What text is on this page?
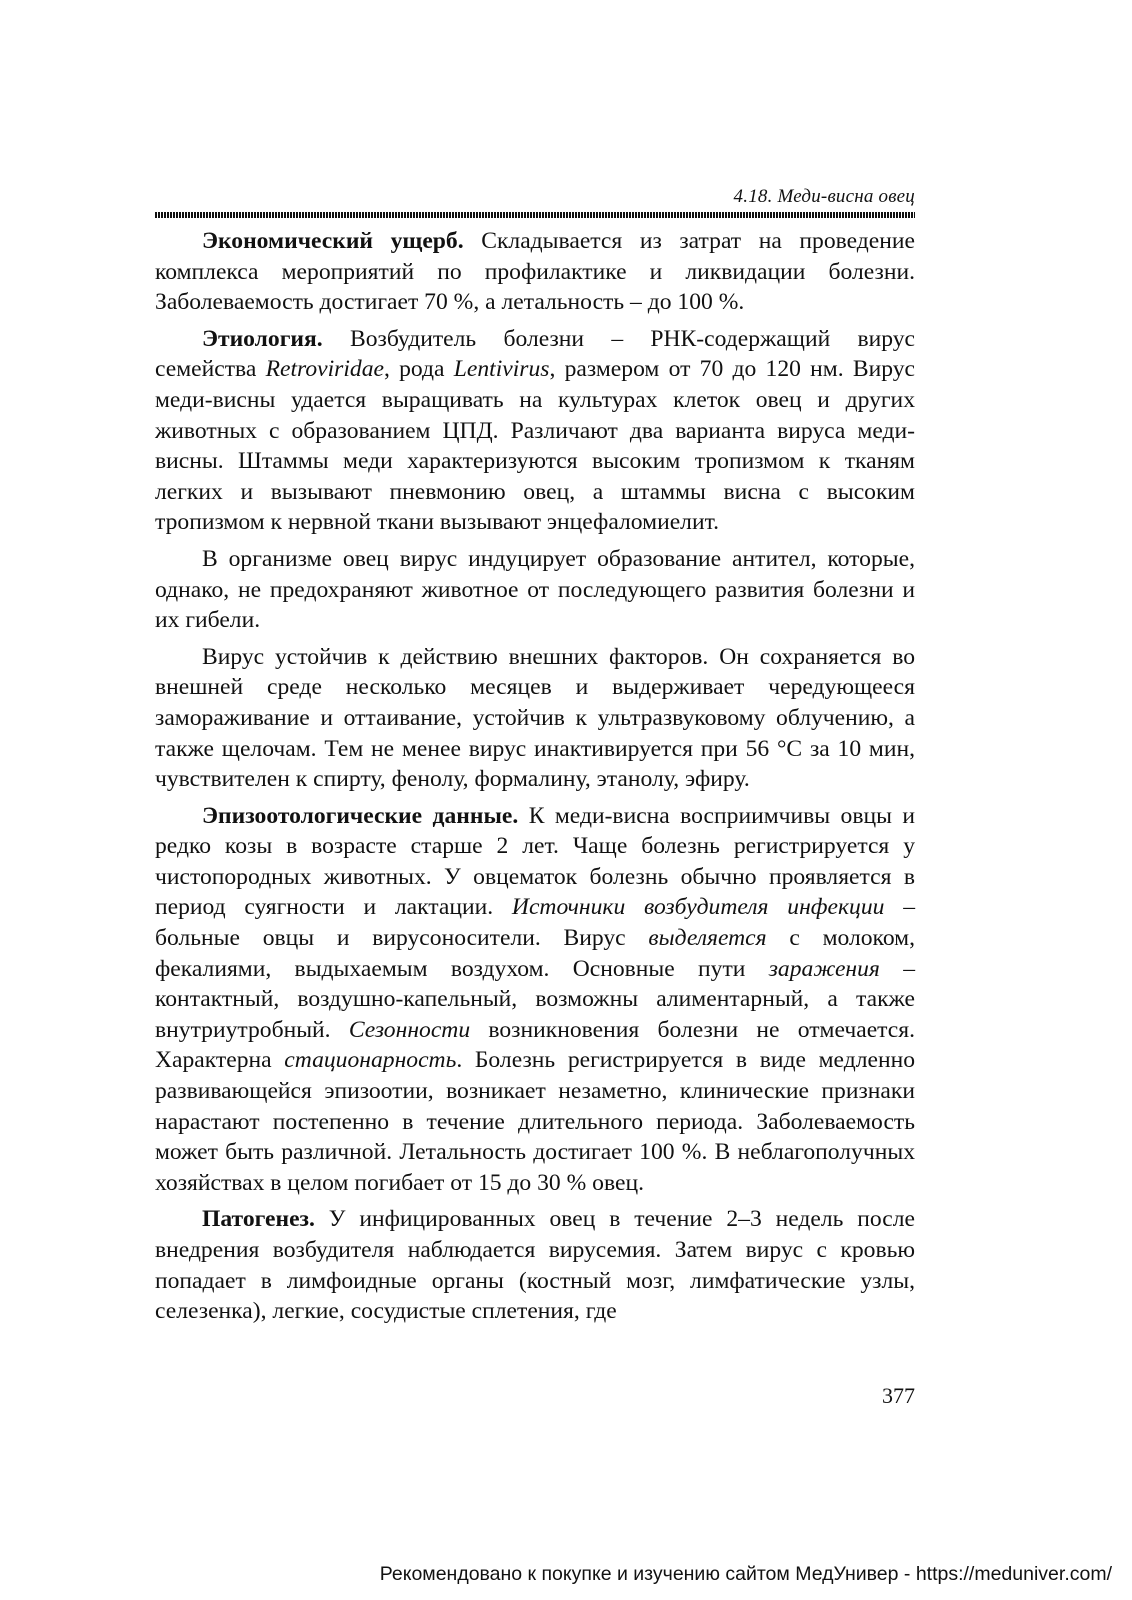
4.18. Меди-висна овец

Экономический ущерб. Складывается из затрат на проведение комплекса мероприятий по профилактике и ликвидации болезни. Заболеваемость достигает 70 %, а летальность – до 100 %.

Этиология. Возбудитель болезни – РНК-содержащий вирус семейства Retroviridae, рода Lentivirus, размером от 70 до 120 нм. Вирус меди-висны удается выращивать на культурах клеток овец и других животных с образованием ЦПД. Различают два варианта вируса меди-висны. Штаммы меди характеризуются высоким тропизмом к тканям легких и вызывают пневмонию овец, а штаммы висна с высоким тропизмом к нервной ткани вызывают энцефаломиелит.

В организме овец вирус индуцирует образование антител, которые, однако, не предохраняют животное от последующего развития болезни и их гибели.

Вирус устойчив к действию внешних факторов. Он сохраняется во внешней среде несколько месяцев и выдерживает чередующееся замораживание и оттаивание, устойчив к ультразвуковому облучению, а также щелочам. Тем не менее вирус инактивируется при 56 °С за 10 мин, чувствителен к спирту, фенолу, формалину, этанолу, эфиру.

Эпизоотологические данные. К меди-висна восприимчивы овцы и редко козы в возрасте старше 2 лет. Чаще болезнь регистрируется у чистопородных животных. У овцематок болезнь обычно проявляется в период суягности и лактации. Источники возбудителя инфекции – больные овцы и вирусоносители. Вирус выделяется с молоком, фекалиями, выдыхаемым воздухом. Основные пути заражения – контактный, воздушно-капельный, возможны алиментарный, а также внутриутробный. Сезонности возникновения болезни не отмечается. Характерна стационарность. Болезнь регистрируется в виде медленно развивающейся эпизоотии, возникает незаметно, клинические признаки нарастают постепенно в течение длительного периода. Заболеваемость может быть различной. Летальность достигает 100 %. В неблагополучных хозяйствах в целом погибает от 15 до 30 % овец.

Патогенез. У инфицированных овец в течение 2–3 недель после внедрения возбудителя наблюдается вирусемия. Затем вирус с кровью попадает в лимфоидные органы (костный мозг, лимфатические узлы, селезенка), легкие, сосудистые сплетения, где

377
Рекомендовано к покупке и изучению сайтом МедУнивер - https://meduniver.com/
